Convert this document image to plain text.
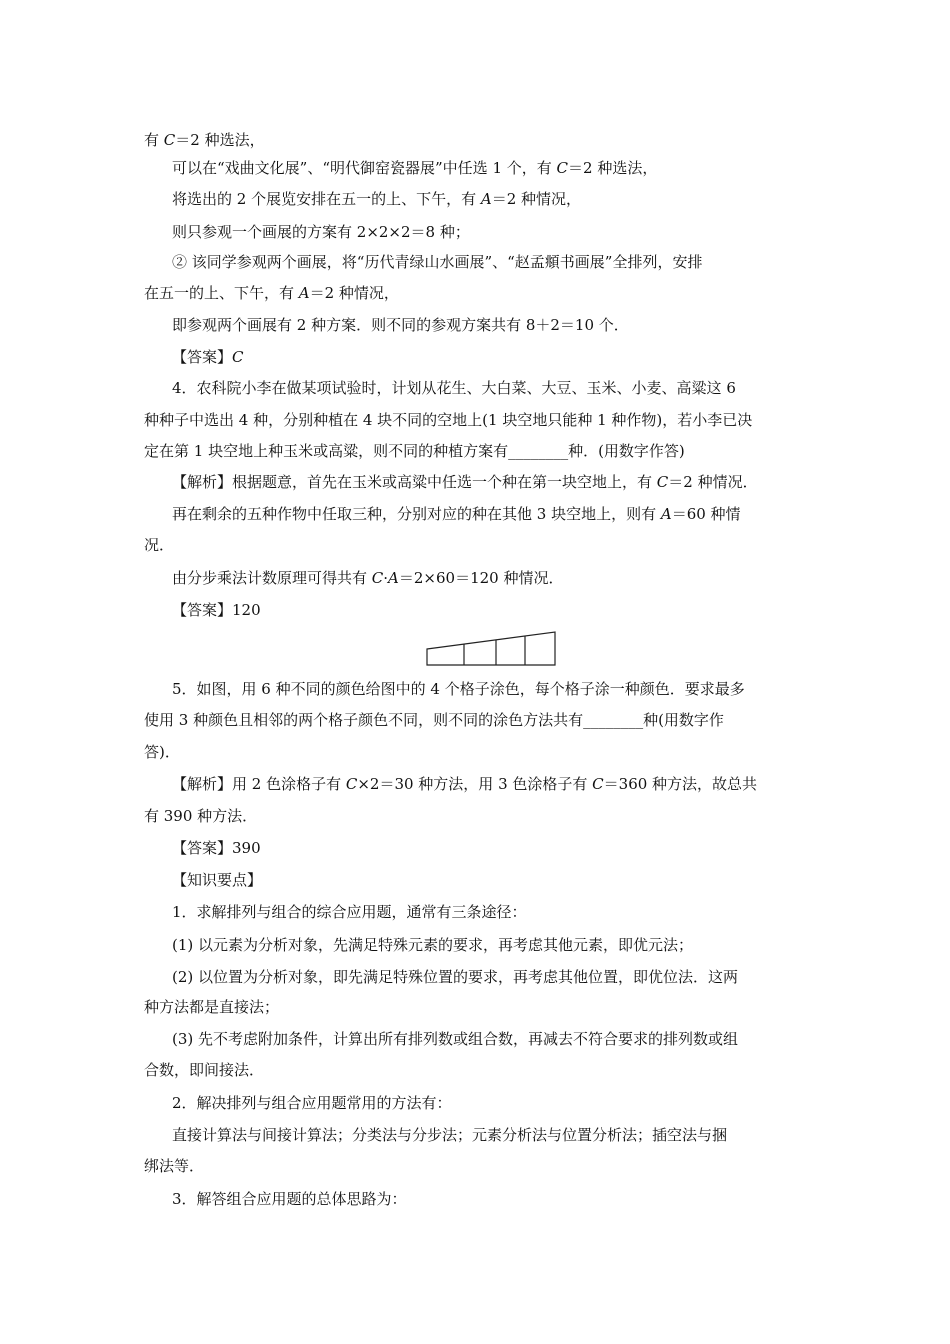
有 C＝2 种选法，
可以在“戏曲文化展”、“明代御窑瓷器展”中任选 1 个，有 C＝2 种选法，
将选出的 2 个展览安排在五一的上、下午，有 A＝2 种情况，
则只参观一个画展的方案有 2×2×2＝8 种；
② 该同学参观两个画展，将“历代青绿山水画展”、“赵孟頫书画展”全排列，安排
在五一的上、下午，有 A＝2 种情况，
即参观两个画展有 2 种方案．则不同的参观方案共有 8＋2＝10 个．
【答案】C
4．农科院小李在做某项试验时，计划从花生、大白菜、大豆、玉米、小麦、高粱这 6
种种子中选出 4 种，分别种植在 4 块不同的空地上(1 块空地只能种 1 种作物)，若小李已决
定在第 1 块空地上种玉米或高粱，则不同的种植方案有________种．(用数字作答)
【解析】根据题意，首先在玉米或高粱中任选一个种在第一块空地上，有 C＝2 种情况．
再在剩余的五种作物中任取三种，分别对应的种在其他 3 块空地上，则有 A＝60 种情
况．
由分步乘法计数原理可得共有 C·A＝2×60＝120 种情况．
【答案】120
5．如图，用 6 种不同的颜色给图中的 4 个格子涂色，每个格子涂一种颜色．要求最多
使用 3 种颜色且相邻的两个格子颜色不同，则不同的涂色方法共有________种(用数字作
答)．
【解析】用 2 色涂格子有 C×2＝30 种方法，用 3 色涂格子有 C＝360 种方法，故总共
有 390 种方法．
【答案】390
【知识要点】
1．求解排列与组合的综合应用题，通常有三条途径：
(1) 以元素为分析对象，先满足特殊元素的要求，再考虑其他元素，即优元法；
(2) 以位置为分析对象，即先满足特殊位置的要求，再考虑其他位置，即优位法．这两
种方法都是直接法；
(3) 先不考虑附加条件，计算出所有排列数或组合数，再减去不符合要求的排列数或组
合数，即间接法．
2．解决排列与组合应用题常用的方法有：
直接计算法与间接计算法；分类法与分步法；元素分析法与位置分析法；插空法与捆
绑法等．
3．解答组合应用题的总体思路为：
